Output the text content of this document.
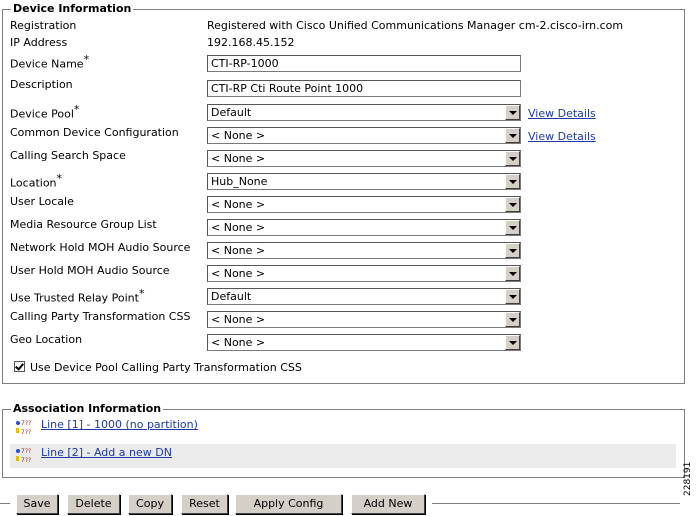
Device Information
Registration	Registered with Cisco Unified Communications Manager cm-2.cisco-irn.com
IP Address	192.168.45.152
Device Name*	CTI-RP-1000
Description	CTI-RP Cti Route Point 1000
Device Pool*	Default	View Details
Common Device Configuration	< None >	View Details
Calling Search Space	< None >
Location*	Hub_None
User Locale	< None >
Media Resource Group List	< None >
Network Hold MOH Audio Source < None >
User Hold MOH Audio Source	< None >
Use Trusted Relay Point*	Default
Calling Party Transformation CSS < None >
Geo Location	< None >
Use Device Pool Calling Party Transformation CSS
Association Information
7??
7??
Line [1] - 1000 (no partition)
7??
7??
Line [2] - Add a new DN
Save	Delete	Copy	Reset	Apply Config	Add New
228191
